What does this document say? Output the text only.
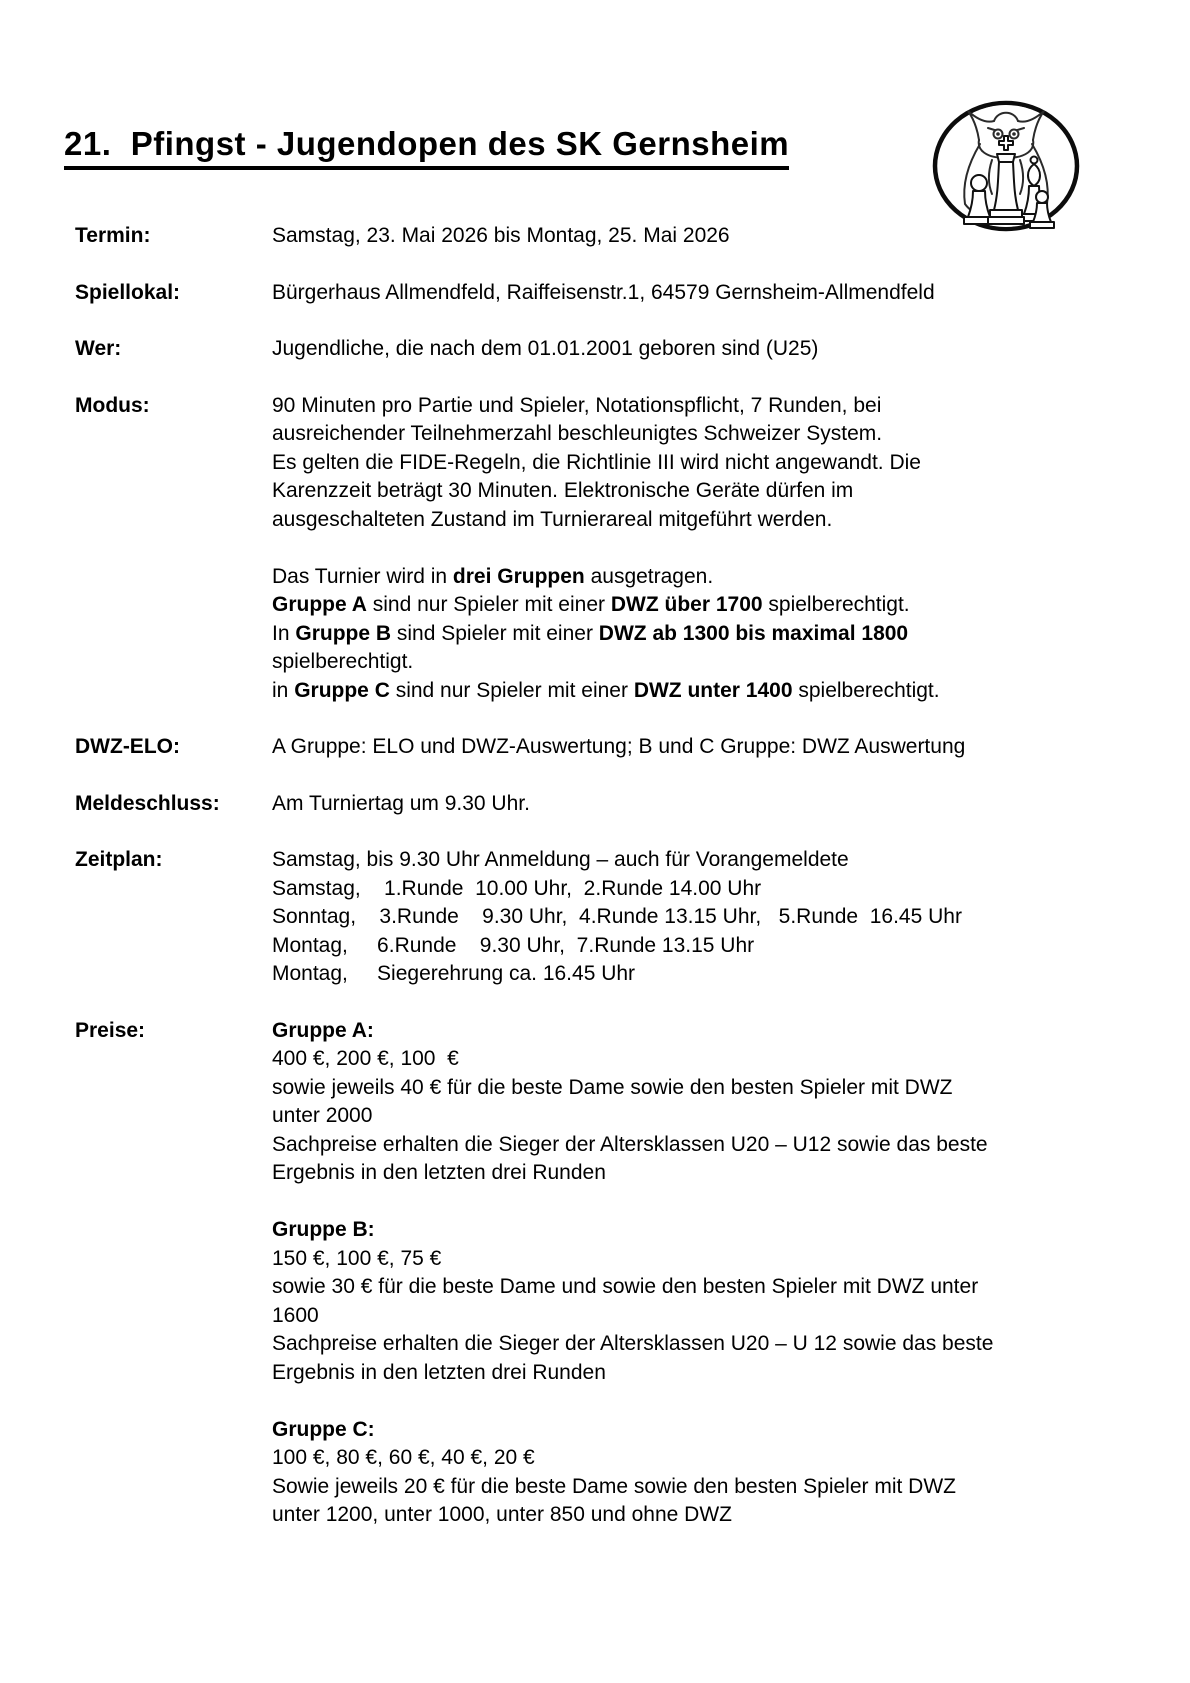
21.  Pfingst - Jugendopen des SK Gernsheim
Termin:	Samstag, 23. Mai 2026 bis Montag, 25. Mai 2026
Spiellokal:	Bürgerhaus Allmendfeld, Raiffeisenstr.1, 64579 Gernsheim-Allmendfeld
Wer:	Jugendliche, die nach dem 01.01.2001 geboren sind (U25)
Modus:	90 Minuten pro Partie und Spieler, Notationspflicht, 7 Runden, bei
ausreichender Teilnehmerzahl beschleunigtes Schweizer System.
Es gelten die FIDE-Regeln, die Richtlinie III wird nicht angewandt. Die
Karenzzeit beträgt 30 Minuten. Elektronische Geräte dürfen im
ausgeschalteten Zustand im Turnierareal mitgeführt werden.

Das Turnier wird in drei Gruppen ausgetragen.
Gruppe A sind nur Spieler mit einer DWZ über 1700 spielberechtigt.
In Gruppe B sind Spieler mit einer DWZ ab 1300 bis maximal 1800
spielberechtigt.
in Gruppe C sind nur Spieler mit einer DWZ unter 1400 spielberechtigt.
DWZ-ELO:	A Gruppe: ELO und DWZ-Auswertung; B und C Gruppe: DWZ Auswertung
Meldeschluss:	Am Turniertag um 9.30 Uhr.
Zeitplan:	Samstag, bis 9.30 Uhr Anmeldung – auch für Vorangemeldete
Samstag,    1.Runde  10.00 Uhr,  2.Runde 14.00 Uhr
Sonntag,    3.Runde    9.30 Uhr,  4.Runde 13.15 Uhr,   5.Runde  16.45 Uhr
Montag,     6.Runde    9.30 Uhr,  7.Runde 13.15 Uhr
Montag,     Siegerehrung ca. 16.45 Uhr
Preise:	Gruppe A:
400 €, 200 €, 100  €
sowie jeweils 40 € für die beste Dame sowie den besten Spieler mit DWZ
unter 2000
Sachpreise erhalten die Sieger der Altersklassen U20 – U12 sowie das beste
Ergebnis in den letzten drei Runden

Gruppe B:
150 €, 100 €, 75 €
sowie 30 € für die beste Dame und sowie den besten Spieler mit DWZ unter
1600
Sachpreise erhalten die Sieger der Altersklassen U20 – U 12 sowie das beste
Ergebnis in den letzten drei Runden

Gruppe C:
100 €, 80 €, 60 €, 40 €, 20 €
Sowie jeweils 20 € für die beste Dame sowie den besten Spieler mit DWZ
unter 1200, unter 1000, unter 850 und ohne DWZ
